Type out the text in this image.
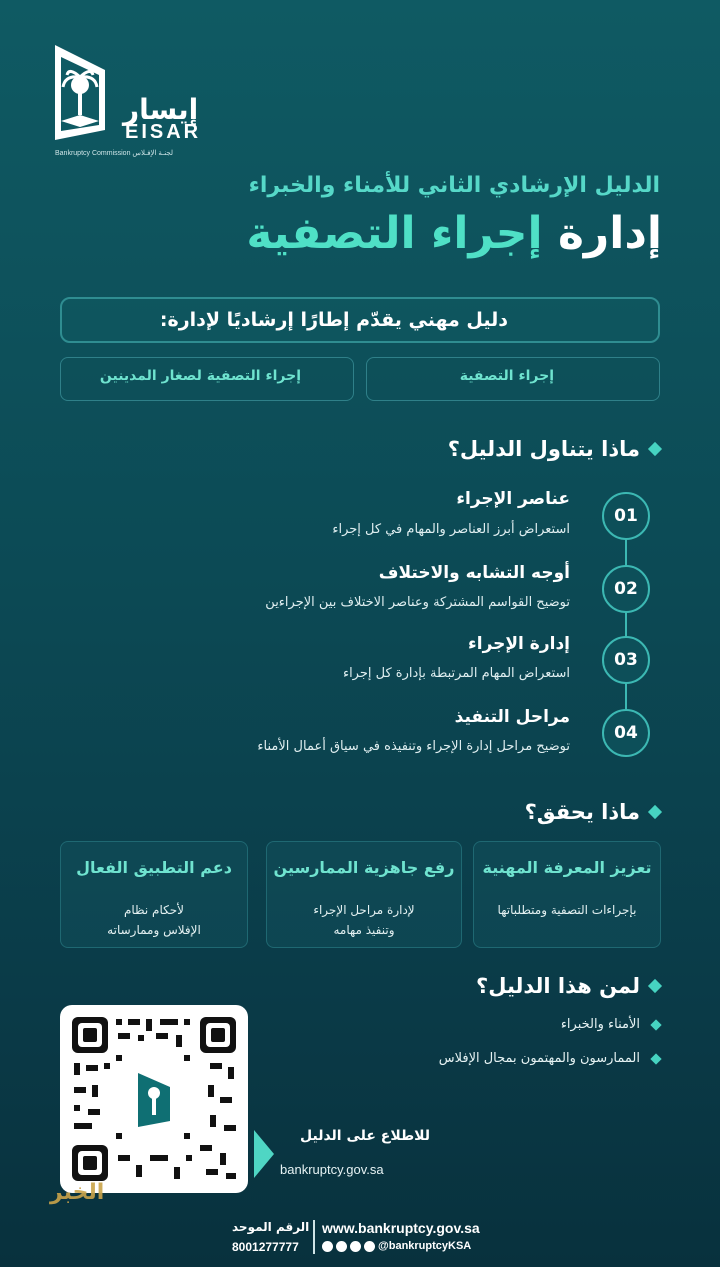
إيسار
EISAR
Bankruptcy Commission لجنـة الإفـلاس
الدليل الإرشادي الثاني للأمناء والخبراء
إدارة إجراء التصفية
دليل مهني يقدّم إطارًا إرشاديًا لإدارة:
إجراء التصفية
إجراء التصفية لصغار المدينين
ماذا يتناول الدليل؟
01
عناصر الإجراء
استعراض أبرز العناصر والمهام في كل إجراء
02
أوجه التشابه والاختلاف
توضيح القواسم المشتركة وعناصر الاختلاف بين الإجراءين
03
إدارة الإجراء
استعراض المهام المرتبطة بإدارة كل إجراء
04
مراحل التنفيذ
توضيح مراحل إدارة الإجراء وتنفيذه في سياق أعمال الأمناء
ماذا يحقق؟
تعزيز المعرفة المهنية
بإجراءات التصفية ومتطلباتها
رفع جاهزية الممارسين
لإدارة مراحل الإجراء وتنفيذ مهامه
دعم التطبيق الفعال
لأحكام نظام الإفلاس وممارساته
لمن هذا الدليل؟
الأمناء والخبراء
الممارسون والمهتمون بمجال الإفلاس
للاطلاع على الدليل
bankruptcy.gov.sa
الخبر
الرقم الموحد
8001277777
www.bankruptcy.gov.sa
@bankruptcyKSA
